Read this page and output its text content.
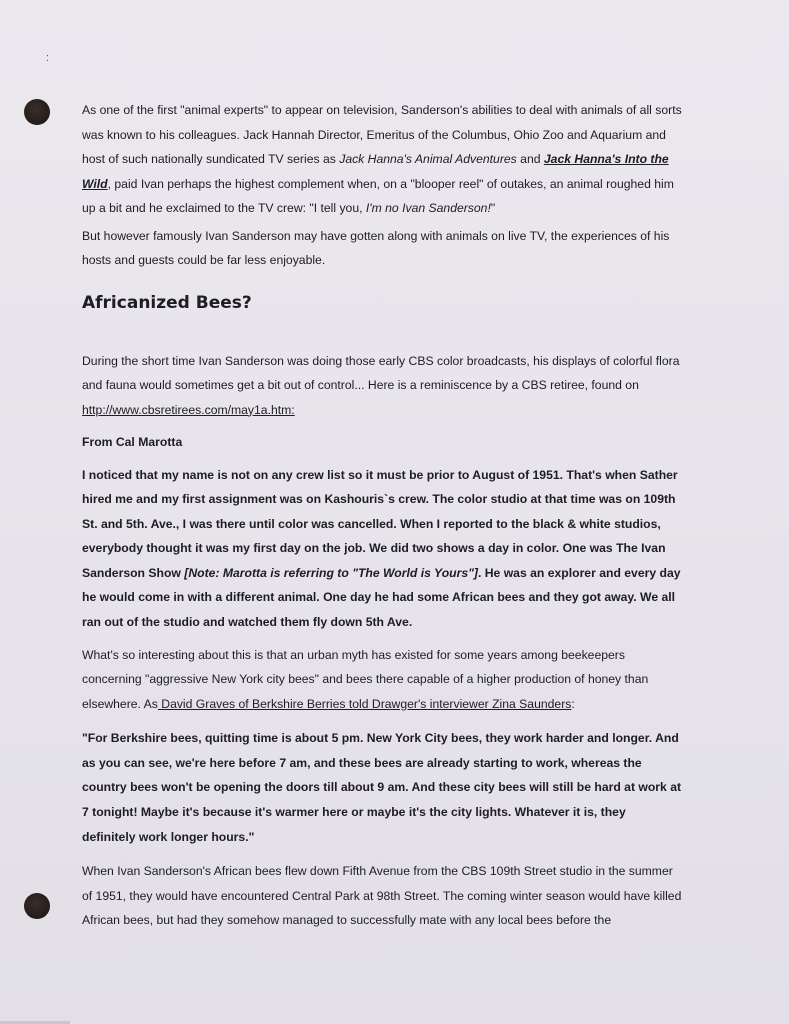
:

As one of the first "animal experts" to appear on television, Sanderson's abilities to deal with animals of all sorts was known to his colleagues. Jack Hannah Director, Emeritus of the Columbus, Ohio Zoo and Aquarium and host of such nationally sundicated TV series as Jack Hanna's Animal Adventures and Jack Hanna's Into the Wild, paid Ivan perhaps the highest complement when, on a "blooper reel" of outakes, an animal roughed him up a bit and he exclaimed to the TV crew: "I tell you, I'm no Ivan Sanderson!"

But however famously Ivan Sanderson may have gotten along with animals on live TV, the experiences of his hosts and guests could be far less enjoyable.

Africanized Bees?

During the short time Ivan Sanderson was doing those early CBS color broadcasts, his displays of colorful flora and fauna would sometimes get a bit out of control... Here is a reminiscence by a CBS retiree, found on http://www.cbsretirees.com/may1a.htm:

From Cal Marotta

I noticed that my name is not on any crew list so it must be prior to August of 1951. That's when Sather hired me and my first assignment was on Kashouris`s crew. The color studio at that time was on 109th St. and 5th. Ave., I was there until color was cancelled. When I reported to the black & white studios, everybody thought it was my first day on the job. We did two shows a day in color. One was The Ivan Sanderson Show [Note: Marotta is referring to "The World is Yours"]. He was an explorer and every day he would come in with a different animal. One day he had some African bees and they got away. We all ran out of the studio and watched them fly down 5th Ave.

What's so interesting about this is that an urban myth has existed for some years among beekeepers concerning "aggressive New York city bees" and bees there capable of a higher production of honey than elsewhere. As David Graves of Berkshire Berries told Drawger's interviewer Zina Saunders:

"For Berkshire bees, quitting time is about 5 pm. New York City bees, they work harder and longer. And as you can see, we're here before 7 am, and these bees are already starting to work, whereas the country bees won't be opening the doors till about 9 am. And these city bees will still be hard at work at 7 tonight! Maybe it's because it's warmer here or maybe it's the city lights. Whatever it is, they definitely work longer hours."

When Ivan Sanderson's African bees flew down Fifth Avenue from the CBS 109th Street studio in the summer of 1951, they would have encountered Central Park at 98th Street. The coming winter season would have killed African bees, but had they somehow managed to successfully mate with any local bees before the
